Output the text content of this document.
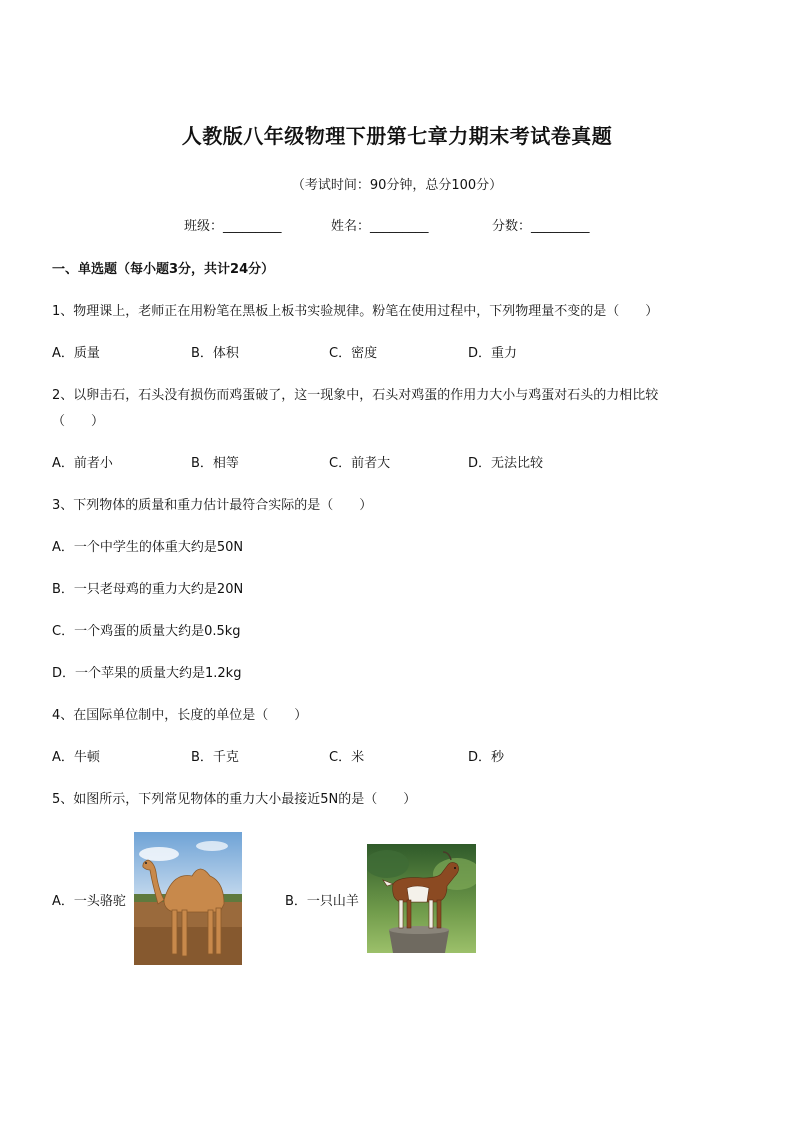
人教版八年级物理下册第七章力期末考试卷真题
（考试时间：90分钟，总分100分）
班级：_________	姓名：_________	分数：_________
一、单选题（每小题3分，共计24分）
1、物理课上，老师正在用粉笔在黑板上板书实验规律。粉笔在使用过程中，下列物理量不变的是（　　）
A．质量	B．体积	C．密度	D．重力
2、以卵击石，石头没有损伤而鸡蛋破了，这一现象中，石头对鸡蛋的作用力大小与鸡蛋对石头的力相比较
（　　）
A．前者小	B．相等	C．前者大	D．无法比较
3、下列物体的质量和重力估计最符合实际的是（　　）
A．一个中学生的体重大约是50N
B．一只老母鸡的重力大约是20N
C．一个鸡蛋的质量大约是0.5kg
D．一个苹果的质量大约是1.2kg
4、在国际单位制中，长度的单位是（　　）
A．牛顿	B．千克	C．米	D．秒
5、如图所示，下列常见物体的重力大小最接近5N的是（　　）
A．一头骆驼	B．一只山羊
